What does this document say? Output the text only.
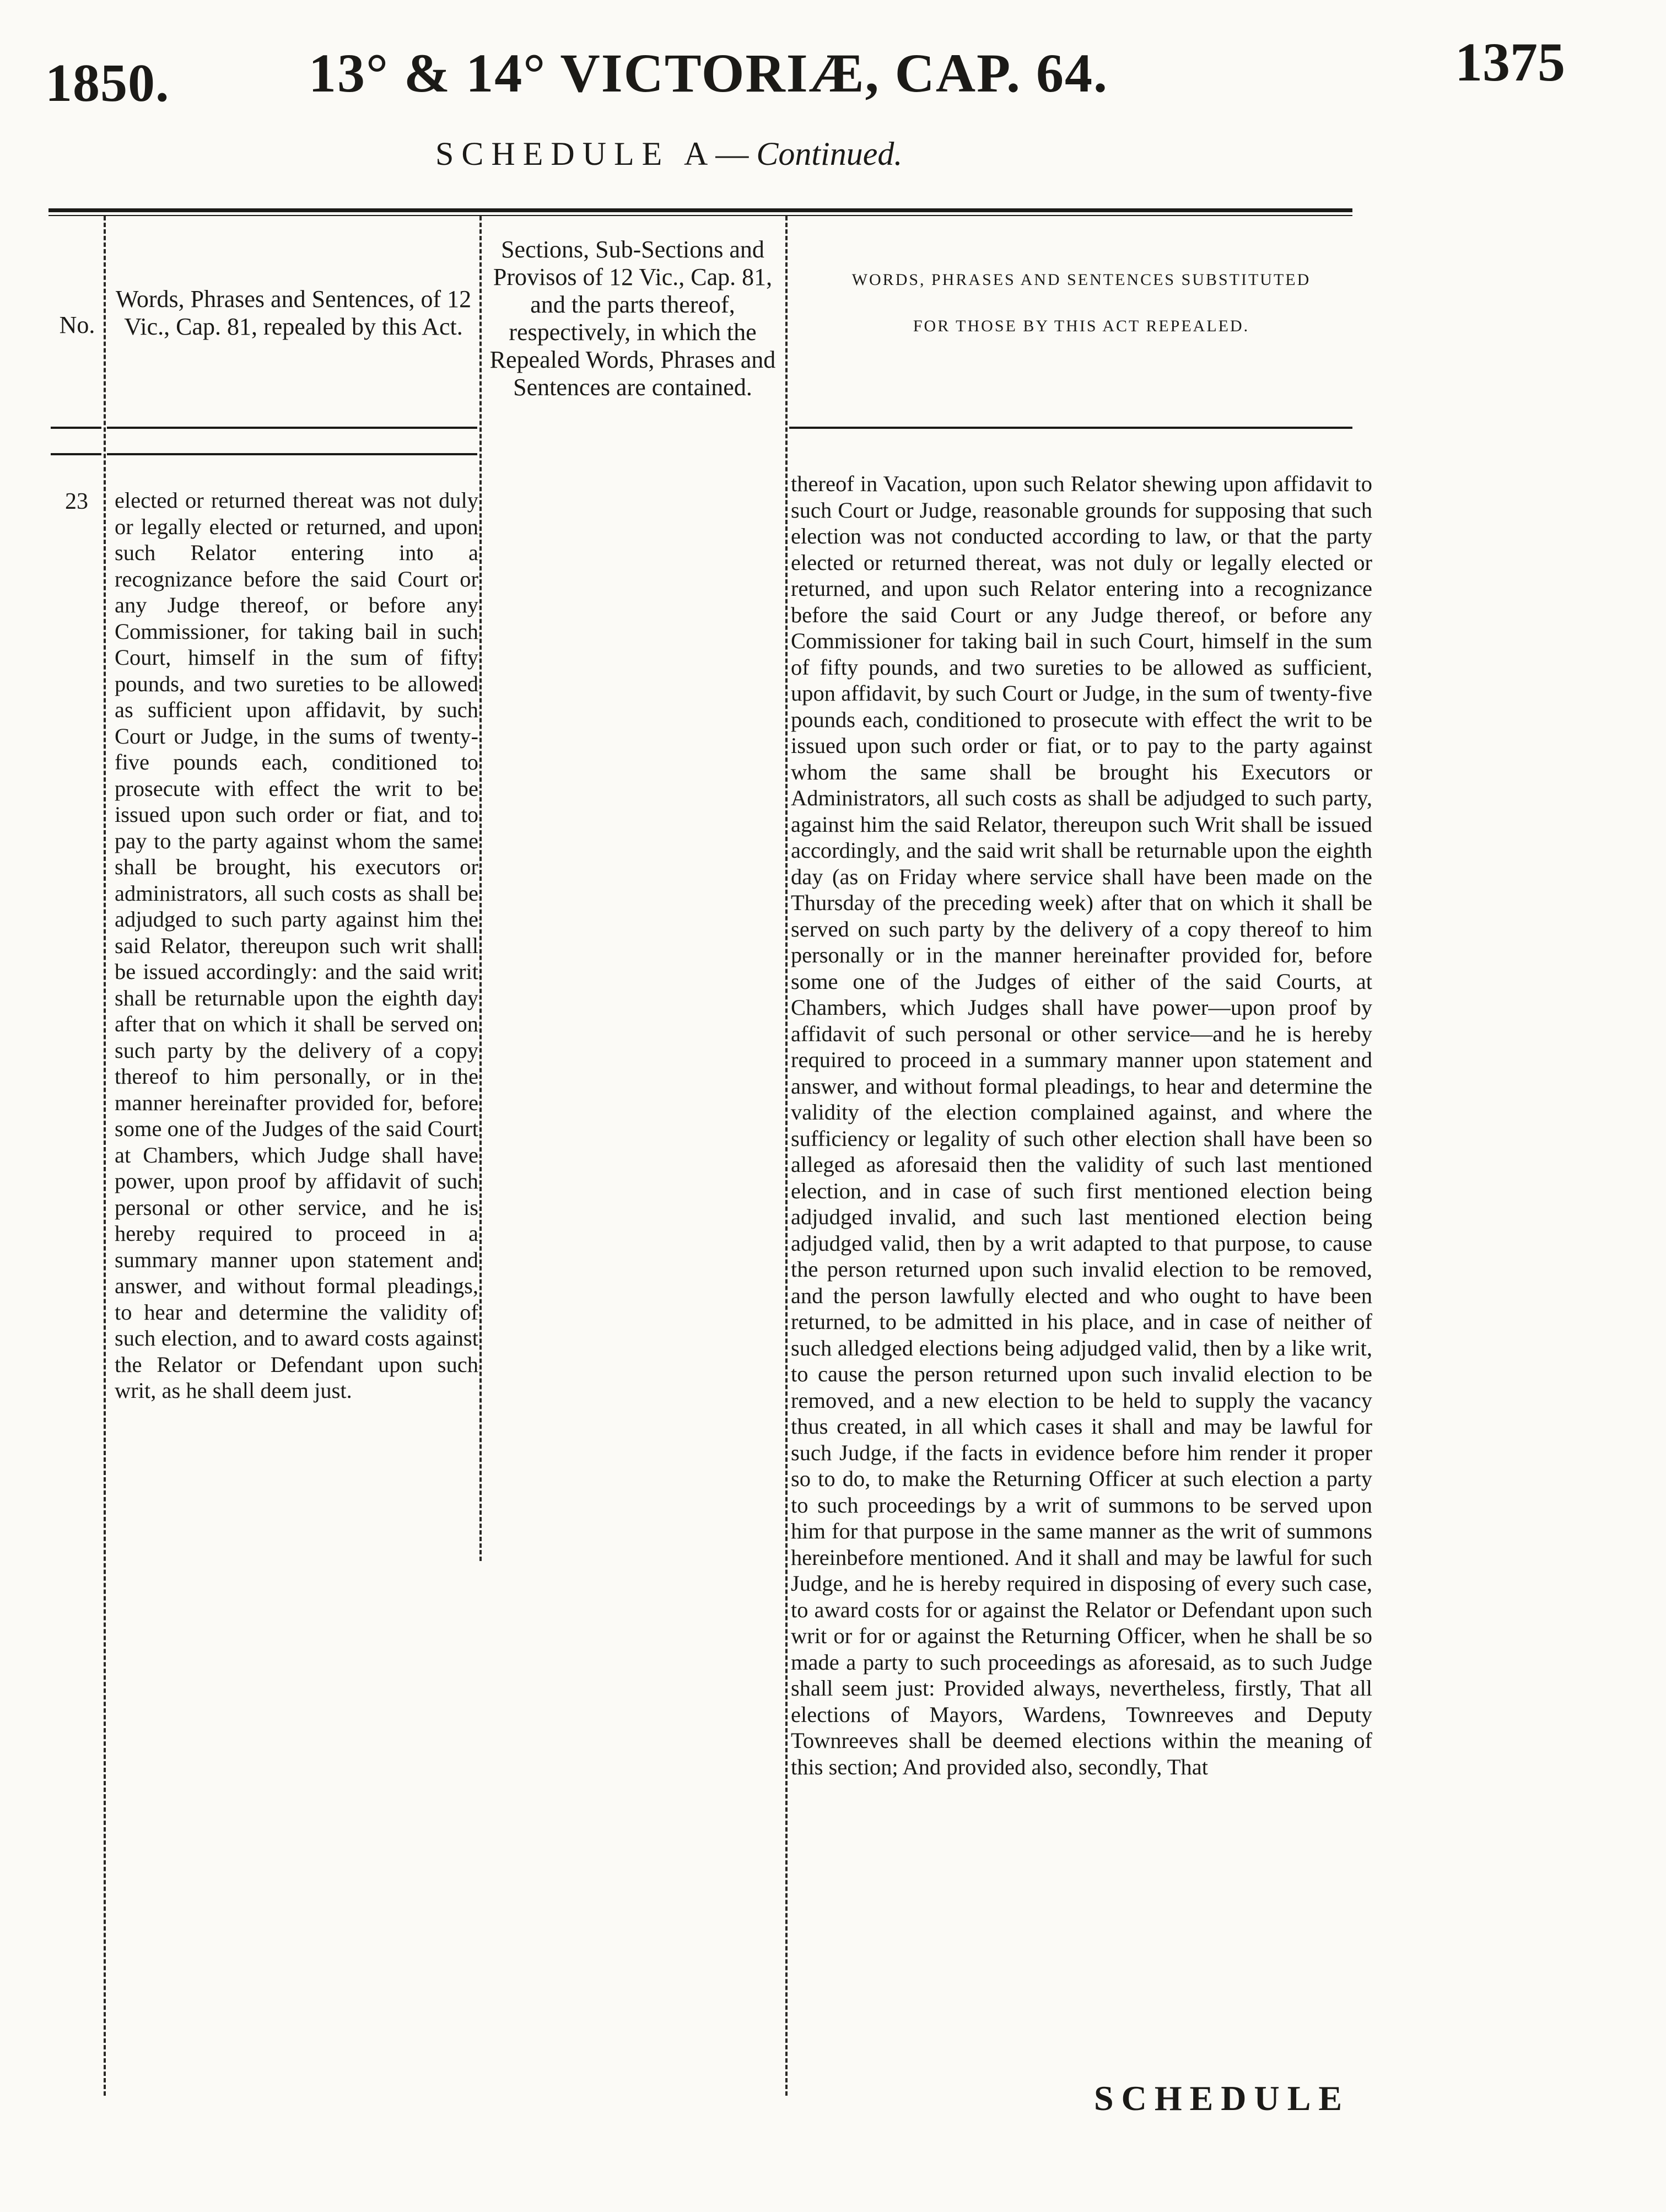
1850.	13° & 14° VICTORIÆ, CAP. 64.	1375
SCHEDULE A—Continued.
No.
Words, Phrases and Sentences, of 12 Vic., Cap. 81, repealed by this Act.
Sections, Sub-Sections and Provisos of 12 Vic., Cap. 81, and the parts thereof, respectively, in which the Repealed Words, Phrases and Sentences are contained.
WORDS, PHRASES AND SENTENCES SUBSTITUTED
FOR THOSE BY THIS ACT REPEALED.
23 elected or returned thereat was not duly or legally elected or returned, and upon such Relator entering into a recognizance before the said Court or any Judge thereof, or before any Commissioner, for taking bail in such Court, himself in the sum of fifty pounds, and two sureties to be allowed as sufficient upon affidavit, by such Court or Judge, in the sums of twenty-five pounds each, conditioned to prosecute with effect the writ to be issued upon such order or fiat, and to pay to the party against whom the same shall be brought, his executors or administrators, all such costs as shall be adjudged to such party against him the said Relator, thereupon such writ shall be issued accordingly: and the said writ shall be returnable upon the eighth day after that on which it shall be served on such party by the delivery of a copy thereof to him personally, or in the manner hereinafter provided for, before some one of the Judges of the said Court at Chambers, which Judge shall have power, upon proof by affidavit of such personal or other service, and he is hereby required to proceed in a summary manner upon statement and answer, and without formal pleadings, to hear and determine the validity of such election, and to award costs against the Relator or Defendant upon such writ, as he shall deem just.
thereof in Vacation, upon such Relator shewing upon affidavit to such Court or Judge, reasonable grounds for supposing that such election was not conducted according to law, or that the party elected or returned thereat, was not duly or legally elected or returned, and upon such Relator entering into a recognizance before the said Court or any Judge thereof, or before any Commissioner for taking bail in such Court, himself in the sum of fifty pounds, and two sureties to be allowed as sufficient, upon affidavit, by such Court or Judge, in the sum of twenty-five pounds each, conditioned to prosecute with effect the writ to be issued upon such order or fiat, or to pay to the party against whom the same shall be brought his Executors or Administrators, all such costs as shall be adjudged to such party, against him the said Relator, thereupon such Writ shall be issued accordingly, and the said writ shall be returnable upon the eighth day (as on Friday where service shall have been made on the Thursday of the preceding week) after that on which it shall be served on such party by the delivery of a copy thereof to him personally or in the manner hereinafter provided for, before some one of the Judges of either of the said Courts, at Chambers, which Judges shall have power—upon proof by affidavit of such personal or other service—and he is hereby required to proceed in a summary manner upon statement and answer, and without formal pleadings, to hear and determine the validity of the election complained against, and where the sufficiency or legality of such other election shall have been so alleged as aforesaid then the validity of such last mentioned election, and in case of such first mentioned election being adjudged invalid, and such last mentioned election being adjudged valid, then by a writ adapted to that purpose, to cause the person returned upon such invalid election to be removed, and the person lawfully elected and who ought to have been returned, to be admitted in his place, and in case of neither of such alledged elections being adjudged valid, then by a like writ, to cause the person returned upon such invalid election to be removed, and a new election to be held to supply the vacancy thus created, in all which cases it shall and may be lawful for such Judge, if the facts in evidence before him render it proper so to do, to make the Returning Officer at such election a party to such proceedings by a writ of summons to be served upon him for that purpose in the same manner as the writ of summons hereinbefore mentioned. And it shall and may be lawful for such Judge, and he is hereby required in disposing of every such case, to award costs for or against the Relator or Defendant upon such writ or for or against the Returning Officer, when he shall be so made a party to such proceedings as aforesaid, as to such Judge shall seem just: Provided always, nevertheless, firstly, That all elections of Mayors, Wardens, Townreeves and Deputy Townreeves shall be deemed elections within the meaning of this section; And provided also, secondly, That
SCHEDULE
